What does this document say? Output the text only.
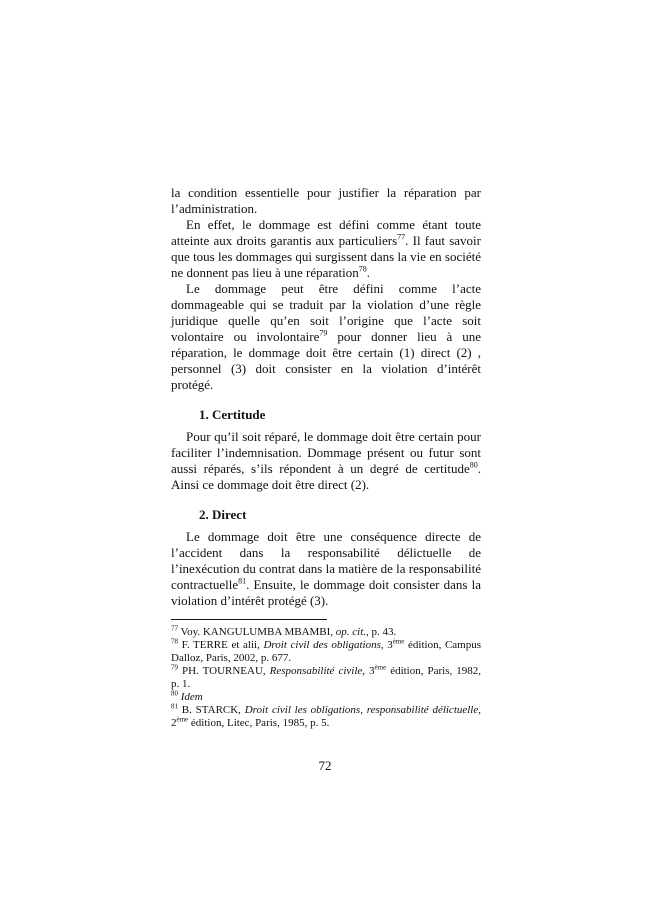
la condition essentielle pour justifier la réparation par l’administration.

En effet, le dommage est défini comme étant toute atteinte aux droits garantis aux particuliers$^{77}$. Il faut savoir que tous les dommages qui surgissent dans la vie en société ne donnent pas lieu à une réparation$^{78}$.

Le dommage peut être défini comme l’acte dommageable qui se traduit par la violation d’une règle juridique quelle qu’en soit l’origine que l’acte soit volontaire ou involontaire$^{79}$ pour donner lieu à une réparation, le dommage doit être certain (1) direct (2) , personnel (3) doit consister en la violation d’intérêt protégé.

1. Certitude

Pour qu’il soit réparé, le dommage doit être certain pour faciliter l’indemnisation. Dommage présent ou futur sont aussi réparés, s’ils répondent à un degré de certitude$^{80}$. Ainsi ce dommage doit être direct (2).

2. Direct

Le dommage doit être une conséquence directe de l’accident dans la responsabilité délictuelle de l’inexécution du contrat dans la matière de la responsabilité contractuelle$^{81}$. Ensuite, le dommage doit consister dans la violation d’intérêt protégé (3).

$^{77}$ Voy. KANGULUMBA MBAMBI, op. cit., p. 43.

$^{78}$ F. TERRE et alii, Droit civil des obligations, 3ème édition, Campus Dalloz, Paris, 2002, p. 677.

$^{79}$ PH. TOURNEAU, Responsabilité civile, 3ème édition, Paris, 1982, p. 1.

$^{80}$ Idem

$^{81}$ B. STARCK, Droit civil les obligations, responsabilité délictuelle, 2ème édition, Litec, Paris, 1985, p. 5.

72
